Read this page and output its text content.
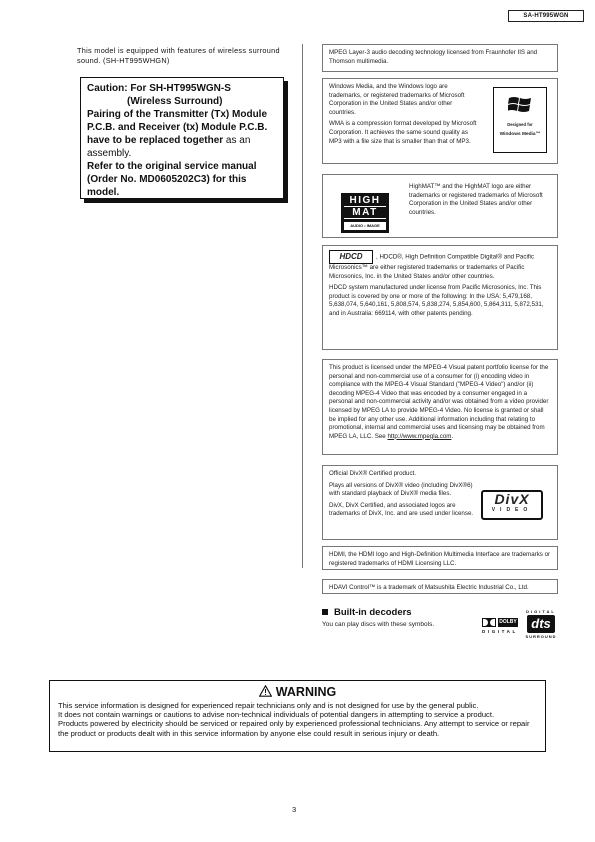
SA-HT995WGN
This model is equipped with features of wireless surround sound. (SH-HT995WHGN)

Caution: For SH-HT995WGN-S

(Wireless Surround)

Pairing of the Transmitter (Tx) Module P.C.B. and Receiver (tx) Module P.C.B. have to be replaced together as an assembly.

Refer to the original service manual (Order No. MD0605202C3) for this model.

MPEG Layer-3 audio decoding technology licensed from Fraunhofer IIS and Thomson multimedia.

Windows Media, and the Windows logo are trademarks, or registered trademarks of Microsoft Corporation in the United States and/or other countries.

WMA is a compression format developed by Microsoft Corporation. It achieves the same sound quality as MP3 with a file size that is smaller than that of MP3.

Designed for
Windows Media™
HIGH
MAT
AUDIO • IMAGE
HighMAT™ and the HighMAT logo are either trademarks or registered trademarks of Microsoft Corporation in the United States and/or other countries.

HDCD , HDCD®, High Definition Compatible Digital® and Pacific Microsonics™ are either registered trademarks or trademarks of Pacific Microsonics, Inc. in the United States and/or other countries.

HDCD system manufactured under license from Pacific Microsonics, Inc. This product is covered by one or more of the following: In the USA: 5,479,168, 5,638,074, 5,640,161, 5,808,574, 5,838,274, 5,854,600, 5,864,311, 5,872,531, and in Australia: 669114, with other patents pending.

This product is licensed under the MPEG-4 Visual patent portfolio license for the personal and non-commercial use of a consumer for (i) encoding video in compliance with the MPEG-4 Visual Standard ("MPEG-4 Video") and/or (ii) decoding MPEG-4 Video that was encoded by a consumer engaged in a personal and non-commercial activity and/or was obtained from a video provider licensed by MPEG LA to provide MPEG-4 Video. No license is granted or shall be implied for any other use. Additional information including that relating to promotional, internal and commercial uses and licensing may be obtained from MPEG LA, LLC. See http://www.mpegla.com.

Official DivX® Certified product.

Plays all versions of DivX® video (including DivX®6) with standard playback of DivX® media files.

DivX, DivX Certified, and associated logos are trademarks of DivX, Inc. and are used under license.

DivX
VIDEO

HDMI, the HDMI logo and High-Definition Multimedia Interface are trademarks or registered trademarks of HDMI Licensing LLC.

HDAVI Control™ is a trademark of Matsushita Electric Industrial Co., Ltd.

Built-in decoders
You can play discs with these symbols.	DOLBY
DIGITAL
DIGITAL
dts
SURROUND
WARNING
This service information is designed for experienced repair technicians only and is not designed for use by the general public.
It does not contain warnings or cautions to advise non-technical individuals of potential dangers in attempting to service a product.
Products powered by electricity should be serviced or repaired only by experienced professional technicians. Any attempt to service or repair the product or products dealt with in this service information by anyone else could result in serious injury or death.
3
